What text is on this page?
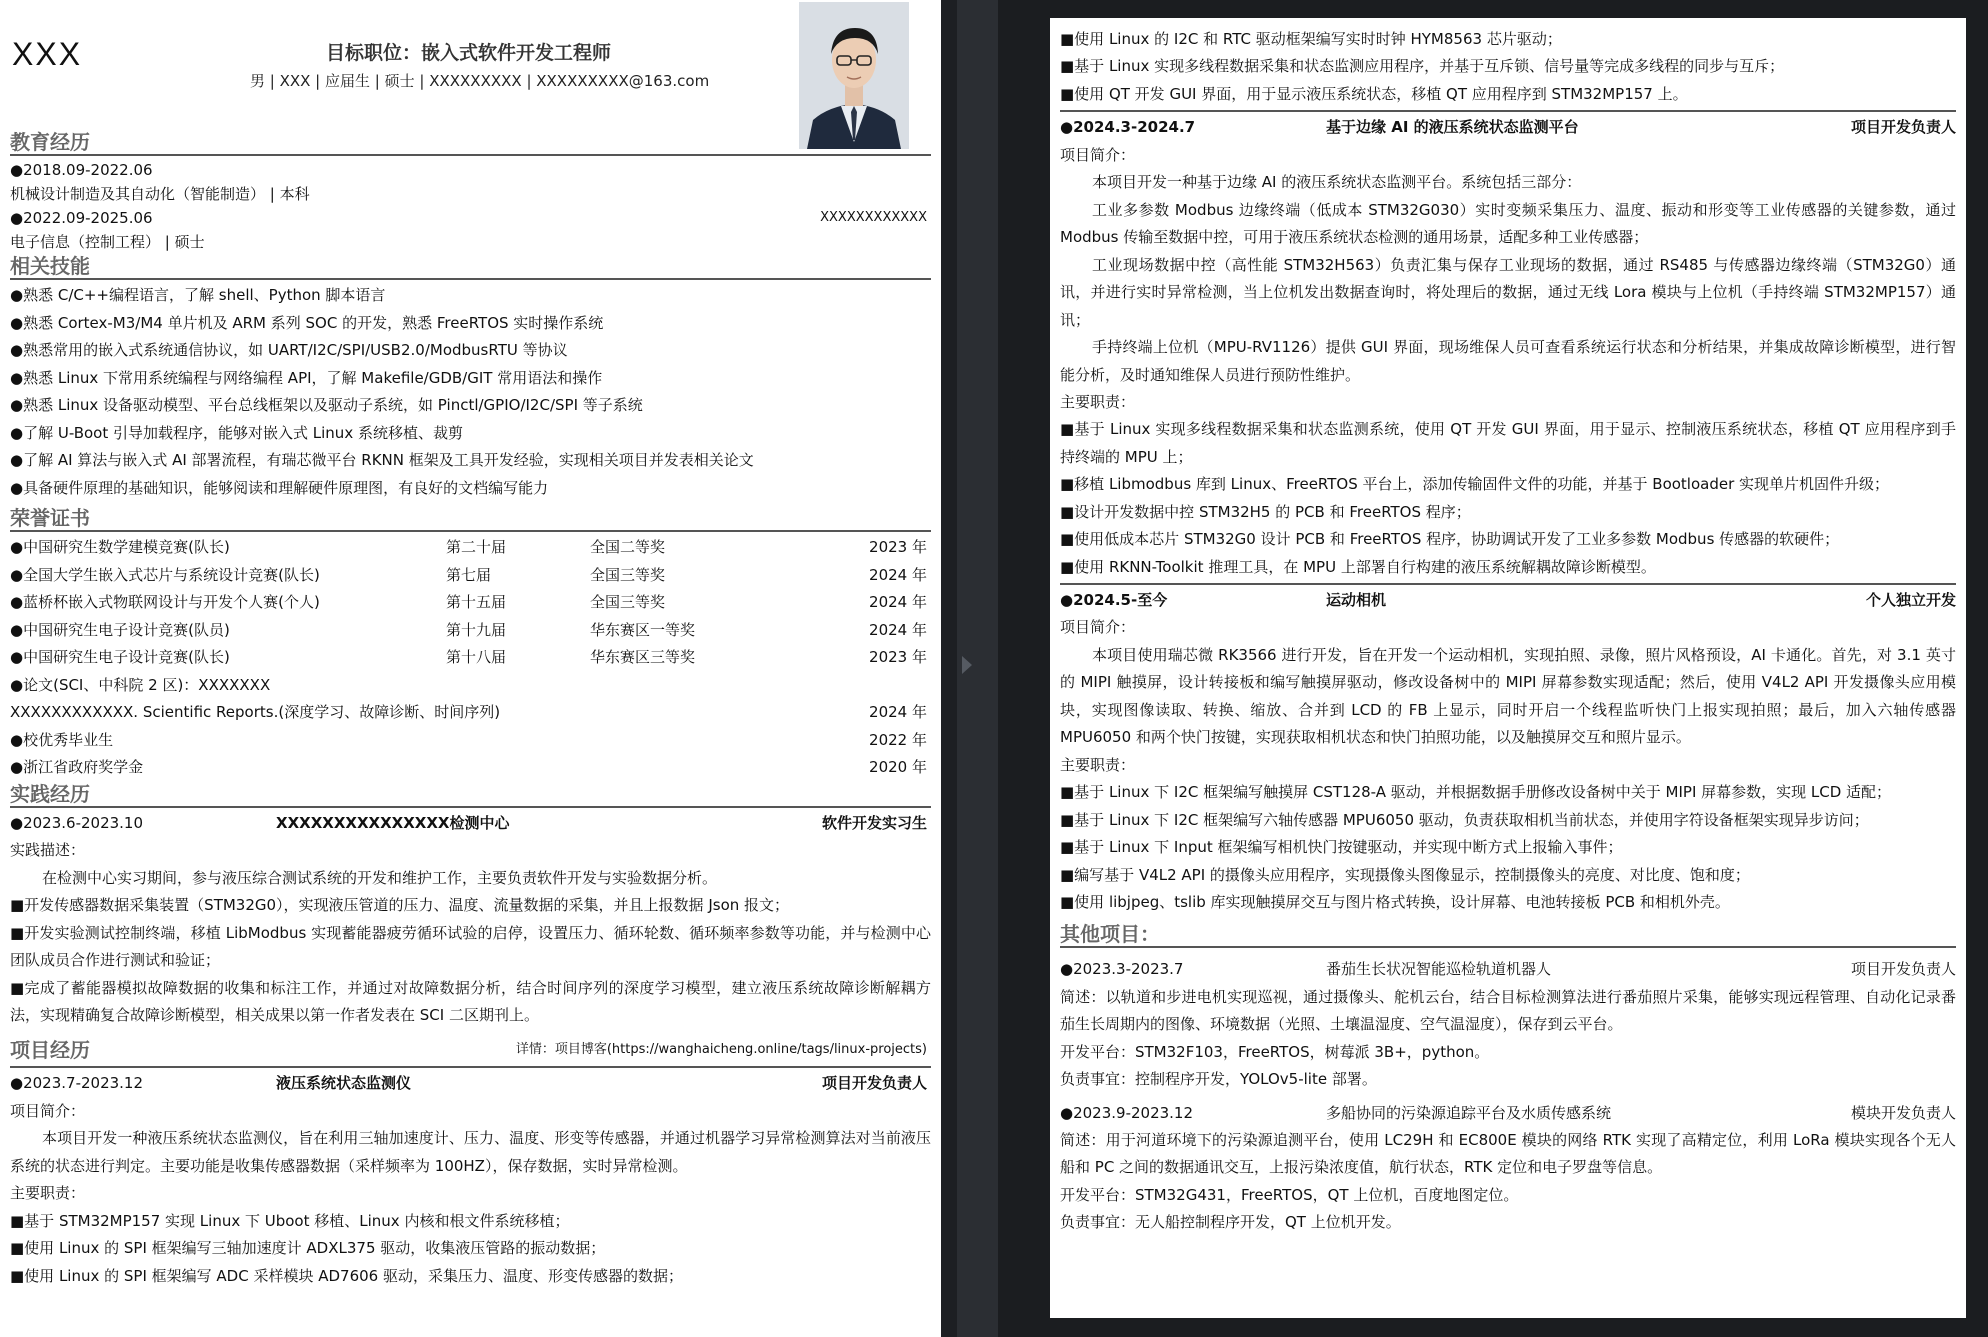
XXX	目标职位：嵌入式软件开发工程师
男 | XXX | 应届生 | 硕士 | XXXXXXXXX | XXXXXXXXX@163.com
教育经历
●2018.09-2022.06
机械设计制造及其自动化（智能制造） | 本科
●2022.09-2025.06	XXXXXXXXXXXX
电子信息（控制工程） | 硕士
相关技能
●熟悉 C/C++编程语言，了解 shell、Python 脚本语言
●熟悉 Cortex-M3/M4 单片机及 ARM 系列 SOC 的开发，熟悉 FreeRTOS 实时操作系统
●熟悉常用的嵌入式系统通信协议，如 UART/I2C/SPI/USB2.0/ModbusRTU 等协议
●熟悉 Linux 下常用系统编程与网络编程 API，了解 Makefile/GDB/GIT 常用语法和操作
●熟悉 Linux 设备驱动模型、平台总线框架以及驱动子系统，如 Pinctl/GPIO/I2C/SPI 等子系统
●了解 U-Boot 引导加载程序，能够对嵌入式 Linux 系统移植、裁剪
●了解 AI 算法与嵌入式 AI 部署流程，有瑞芯微平台 RKNN 框架及工具开发经验，实现相关项目并发表相关论文
●具备硬件原理的基础知识，能够阅读和理解硬件原理图，有良好的文档编写能力
荣誉证书
●中国研究生数学建模竞赛(队长)	第二十届	全国二等奖	2023 年
●全国大学生嵌入式芯片与系统设计竞赛(队长)	第七届	全国三等奖	2024 年
●蓝桥杯嵌入式物联网设计与开发个人赛(个人)	第十五届	全国三等奖	2024 年
●中国研究生电子设计竞赛(队员)	第十九届	华东赛区一等奖	2024 年
●中国研究生电子设计竞赛(队长)	第十八届	华东赛区三等奖	2023 年
●论文(SCI、中科院 2 区)：XXXXXXX
XXXXXXXXXXXX. Scientific Reports.(深度学习、故障诊断、时间序列)	2024 年
●校优秀毕业生	2022 年
●浙江省政府奖学金	2020 年
实践经历
●2023.6-2023.10	XXXXXXXXXXXXXXX检测中心	软件开发实习生
实践描述：
在检测中心实习期间，参与液压综合测试系统的开发和维护工作，主要负责软件开发与实验数据分析。
■开发传感器数据采集装置（STM32G0），实现液压管道的压力、温度、流量数据的采集，并且上报数据 Json 报文；
■开发实验测试控制终端，移植 LibModbus 实现蓄能器疲劳循环试验的启停，设置压力、循环轮数、循环频率参数等功能，并与检测中心团队成员合作进行测试和验证；
■完成了蓄能器模拟故障数据的收集和标注工作，并通过对故障数据分析，结合时间序列的深度学习模型，建立液压系统故障诊断解耦方法，实现精确复合故障诊断模型，相关成果以第一作者发表在 SCI 二区期刊上。
项目经历	详情：项目博客(https://wanghaicheng.online/tags/linux-projects)
●2023.7-2023.12	液压系统状态监测仪	项目开发负责人
项目简介：
本项目开发一种液压系统状态监测仪，旨在利用三轴加速度计、压力、温度、形变等传感器，并通过机器学习异常检测算法对当前液压系统的状态进行判定。主要功能是收集传感器数据（采样频率为 100HZ），保存数据，实时异常检测。
主要职责：
■基于 STM32MP157 实现 Linux 下 Uboot 移植、Linux 内核和根文件系统移植；
■使用 Linux 的 SPI 框架编写三轴加速度计 ADXL375 驱动，收集液压管路的振动数据；
■使用 Linux 的 SPI 框架编写 ADC 采样模块 AD7606 驱动，采集压力、温度、形变传感器的数据；
■使用 Linux 的 I2C 和 RTC 驱动框架编写实时时钟 HYM8563 芯片驱动；
■基于 Linux 实现多线程数据采集和状态监测应用程序，并基于互斥锁、信号量等完成多线程的同步与互斥；
■使用 QT 开发 GUI 界面，用于显示液压系统状态，移植 QT 应用程序到 STM32MP157 上。
●2024.3-2024.7	基于边缘 AI 的液压系统状态监测平台	项目开发负责人
项目简介：
本项目开发一种基于边缘 AI 的液压系统状态监测平台。系统包括三部分：
工业多参数 Modbus 边缘终端（低成本 STM32G030）实时变频采集压力、温度、振动和形变等工业传感器的关键参数，通过 Modbus 传输至数据中控，可用于液压系统状态检测的通用场景，适配多种工业传感器；
工业现场数据中控（高性能 STM32H563）负责汇集与保存工业现场的数据，通过 RS485 与传感器边缘终端（STM32G0）通讯，并进行实时异常检测，当上位机发出数据查询时，将处理后的数据，通过无线 Lora 模块与上位机（手持终端 STM32MP157）通讯；
手持终端上位机（MPU-RV1126）提供 GUI 界面，现场维保人员可查看系统运行状态和分析结果，并集成故障诊断模型，进行智能分析，及时通知维保人员进行预防性维护。
主要职责：
■基于 Linux 实现多线程数据采集和状态监测系统，使用 QT 开发 GUI 界面，用于显示、控制液压系统状态，移植 QT 应用程序到手持终端的 MPU 上；
■移植 Libmodbus 库到 Linux、FreeRTOS 平台上，添加传输固件文件的功能，并基于 Bootloader 实现单片机固件升级；
■设计开发数据中控 STM32H5 的 PCB 和 FreeRTOS 程序；
■使用低成本芯片 STM32G0 设计 PCB 和 FreeRTOS 程序，协助调试开发了工业多参数 Modbus 传感器的软硬件；
■使用 RKNN-Toolkit 推理工具，在 MPU 上部署自行构建的液压系统解耦故障诊断模型。
●2024.5-至今	运动相机	个人独立开发
项目简介：
本项目使用瑞芯微 RK3566 进行开发，旨在开发一个运动相机，实现拍照、录像，照片风格预设，AI 卡通化。首先，对 3.1 英寸的 MIPI 触摸屏，设计转接板和编写触摸屏驱动，修改设备树中的 MIPI 屏幕参数实现适配；然后，使用 V4L2 API 开发摄像头应用模块，实现图像读取、转换、缩放、合并到 LCD 的 FB 上显示，同时开启一个线程监听快门上报实现拍照；最后，加入六轴传感器 MPU6050 和两个快门按键，实现获取相机状态和快门拍照功能，以及触摸屏交互和照片显示。
主要职责：
■基于 Linux 下 I2C 框架编写触摸屏 CST128-A 驱动，并根据数据手册修改设备树中关于 MIPI 屏幕参数，实现 LCD 适配；
■基于 Linux 下 I2C 框架编写六轴传感器 MPU6050 驱动，负责获取相机当前状态，并使用字符设备框架实现异步访问；
■基于 Linux 下 Input 框架编写相机快门按键驱动，并实现中断方式上报输入事件；
■编写基于 V4L2 API 的摄像头应用程序，实现摄像头图像显示，控制摄像头的亮度、对比度、饱和度；
■使用 libjpeg、tslib 库实现触摸屏交互与图片格式转换，设计屏幕、电池转接板 PCB 和相机外壳。
其他项目：
●2023.3-2023.7	番茄生长状况智能巡检轨道机器人	项目开发负责人
简述：以轨道和步进电机实现巡视，通过摄像头、舵机云台，结合目标检测算法进行番茄照片采集，能够实现远程管理、自动化记录番茄生长周期内的图像、环境数据（光照、土壤温湿度、空气温湿度），保存到云平台。
开发平台：STM32F103，FreeRTOS，树莓派 3B+，python。
负责事宜：控制程序开发，YOLOv5-lite 部署。
●2023.9-2023.12	多船协同的污染源追踪平台及水质传感系统	模块开发负责人
简述：用于河道环境下的污染源追测平台，使用 LC29H 和 EC800E 模块的网络 RTK 实现了高精定位，利用 LoRa 模块实现各个无人船和 PC 之间的数据通讯交互，上报污染浓度值，航行状态，RTK 定位和电子罗盘等信息。
开发平台：STM32G431，FreeRTOS，QT 上位机，百度地图定位。
负责事宜：无人船控制程序开发，QT 上位机开发。
